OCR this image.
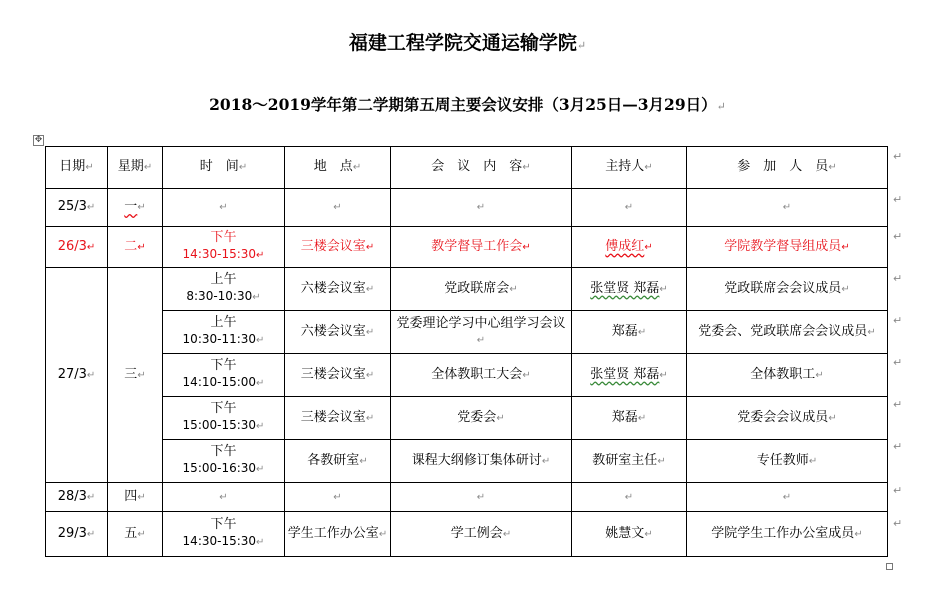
福建工程学院交通运输学院↵
2018～2019学年第二学期第五周主要会议安排（3月25日—3月29日）↵
✥
日期↵	星期↵	时　间↵	地　点↵	会　议　内　容↵	主持人↵	参　加　人　员↵
25/3↵	一↵	↵	↵	↵	↵	↵
26/3↵	二↵	下午
14:30-15:30↵	三楼会议室↵	教学督导工作会↵	傅成红↵	学院教学督导组成员↵
27/3↵	三↵	上午
8:30-10:30↵	六楼会议室↵	党政联席会↵	张堂贤 郑磊↵	党政联席会会议成员↵

		上午
10:30-11:30↵	六楼会议室↵	党委理论学习中心组学习会议↵	郑磊↵	党委会、党政联席会会议成员↵

		下午
14:10-15:00↵	三楼会议室↵	全体教职工大会↵	张堂贤 郑磊↵	全体教职工↵

		下午
15:00-15:30↵	三楼会议室↵	党委会↵	郑磊↵	党委会会议成员↵

		下午
15:00-16:30↵	各教研室↵	课程大纲修订集体研讨↵	教研室主任↵	专任教师↵
28/3↵	四↵	↵	↵	↵	↵	↵
29/3↵	五↵	下午
14:30-15:30↵	学生工作办公室↵	学工例会↵	姚慧文↵	学院学生工作办公室成员↵
↵
↵
↵
↵
↵
↵
↵
↵
↵
↵
